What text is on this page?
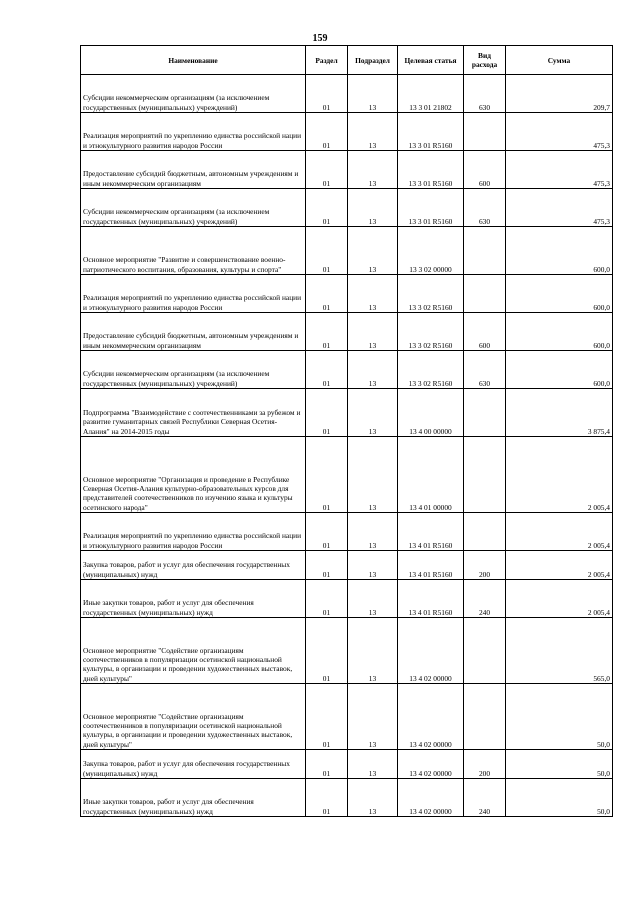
159
Наименование	Раздел	Подраздел	Целевая статья	Вид расхода	Сумма
Субсидии некоммерческим организациям (за исключением государственных (муниципальных) учреждений)	01	13	13 3 01 21802	630	209,7
Реализация мероприятий по укреплению единства российской нации и этнокультурного развития народов России	01	13	13 3 01 R5160		475,3
Предоставление субсидий бюджетным, автономным учреждениям и иным некоммерческим организациям	01	13	13 3 01 R5160	600	475,3
Субсидии некоммерческим организациям (за исключением государственных (муниципальных) учреждений)	01	13	13 3 01 R5160	630	475,3
Основное мероприятие "Развитие и совершенствование военно-патриотического воспитания, образования, культуры и спорта"	01	13	13 3 02 00000		600,0
Реализация мероприятий по укреплению единства российской нации и этнокультурного развития народов России	01	13	13 3 02 R5160		600,0
Предоставление субсидий бюджетным, автономным учреждениям и иным некоммерческим организациям	01	13	13 3 02 R5160	600	600,0
Субсидии некоммерческим организациям (за исключением государственных (муниципальных) учреждений)	01	13	13 3 02 R5160	630	600,0
Подпрограмма "Взаимодействие с соотечественниками за рубежом и развитие гуманитарных связей Республики Северная Осетия-Алания" на 2014-2015 годы	01	13	13 4 00 00000		3 875,4
Основное мероприятие "Организация и проведение в Республике Северная Осетия-Алания культурно-образовательных курсов для представителей соотечественников по изучению языка и культуры осетинского народа"	01	13	13 4 01 00000		2 005,4
Реализация мероприятий по укреплению единства российской нации и этнокультурного развития народов России	01	13	13 4 01 R5160		2 005,4
Закупка товаров, работ и услуг для обеспечения государственных (муниципальных) нужд	01	13	13 4 01 R5160	200	2 005,4
Иные закупки товаров, работ и услуг для обеспечения государственных (муниципальных) нужд	01	13	13 4 01 R5160	240	2 005,4
Основное мероприятие "Содействие организациям соотечественников в популяризации осетинской национальной культуры, в организации и проведении художественных выставок, дней культуры"	01	13	13 4 02 00000		565,0
Основное мероприятие "Содействие организациям соотечественников в популяризации осетинской национальной культуры, в организации и проведении художественных выставок, дней культуры"	01	13	13 4 02 00000		50,0
Закупка товаров, работ и услуг для обеспечения государственных (муниципальных) нужд	01	13	13 4 02 00000	200	50,0
Иные закупки товаров, работ и услуг для обеспечения государственных (муниципальных) нужд	01	13	13 4 02 00000	240	50,0
